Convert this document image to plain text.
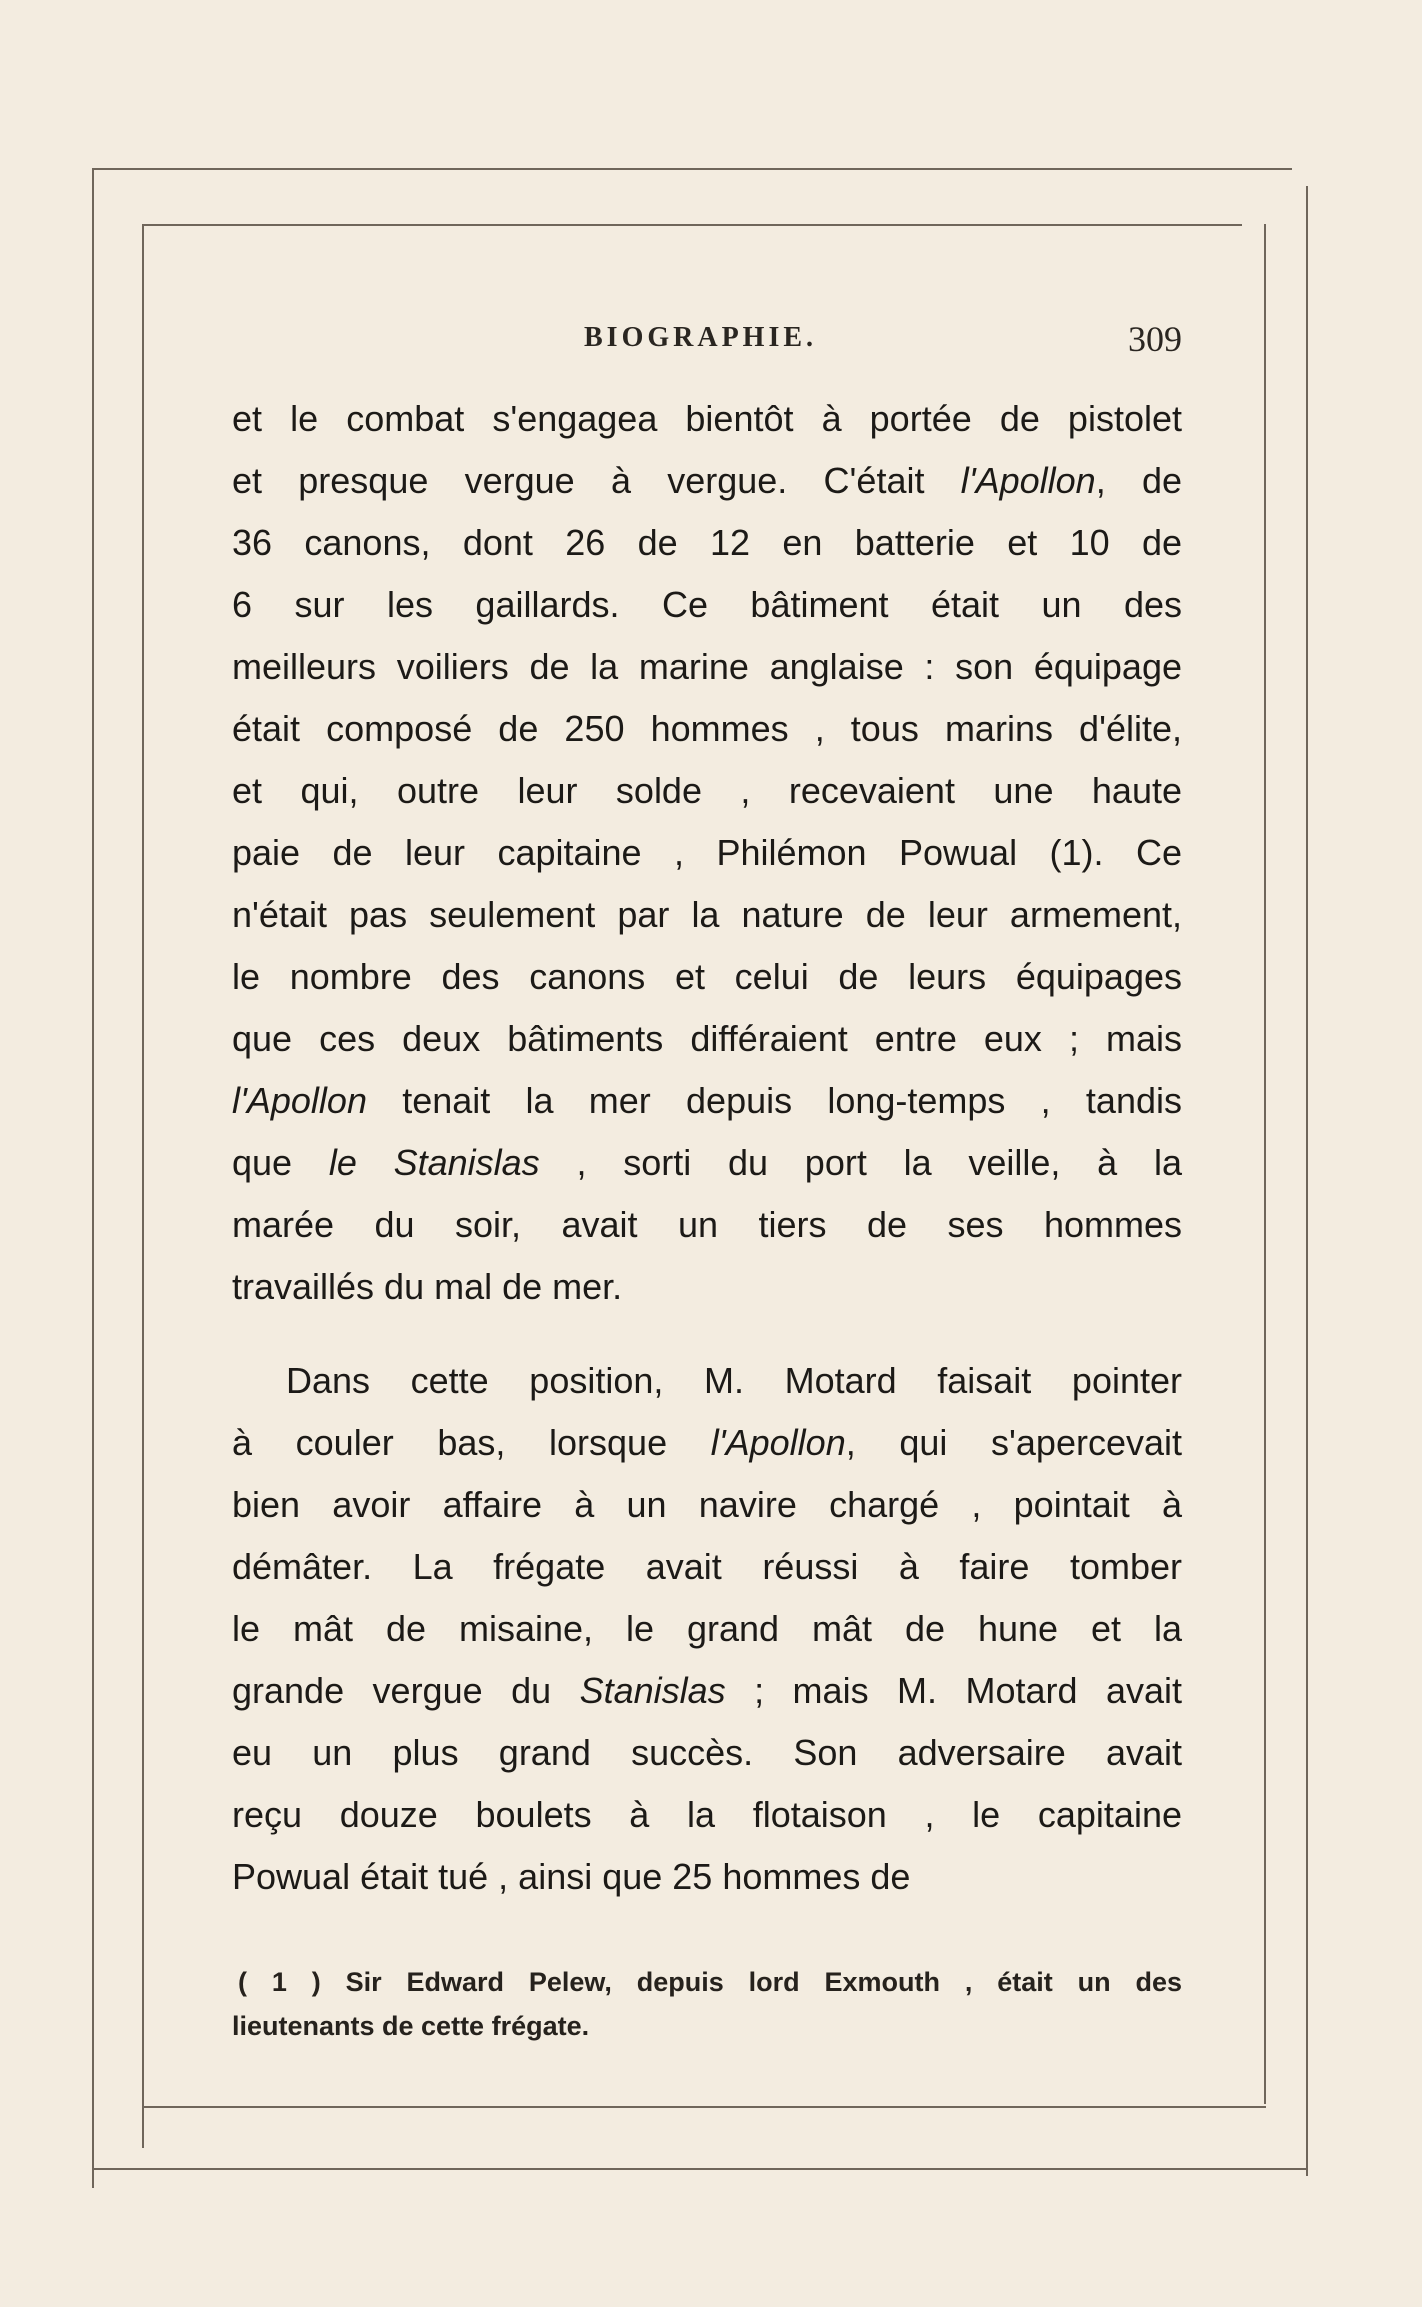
BIOGRAPHIE.	309
et le combat s'engagea bientôt à portée de pistolet
et presque vergue à vergue. C'était l'Apollon, de
36 canons, dont 26 de 12 en batterie et 10 de
6 sur les gaillards. Ce bâtiment était un des
meilleurs voiliers de la marine anglaise : son équipage
était composé de 250 hommes , tous marins d'élite,
et qui, outre leur solde , recevaient une haute
paie de leur capitaine , Philémon Powual (1). Ce
n'était pas seulement par la nature de leur armement,
le nombre des canons et celui de leurs équipages
que ces deux bâtiments différaient entre eux ; mais
l'Apollon tenait la mer depuis long-temps , tandis
que le Stanislas , sorti du port la veille, à la
marée du soir, avait un tiers de ses hommes
travaillés du mal de mer.
Dans cette position, M. Motard faisait pointer
à couler bas, lorsque l'Apollon, qui s'apercevait
bien avoir affaire à un navire chargé , pointait à
démâter. La frégate avait réussi à faire tomber
le mât de misaine, le grand mât de hune et la
grande vergue du Stanislas ; mais M. Motard avait
eu un plus grand succès. Son adversaire avait
reçu douze boulets à la flotaison , le capitaine
Powual était tué , ainsi que 25 hommes de
( 1 ) Sir Edward Pelew, depuis lord Exmouth , était un des
lieutenants de cette frégate.
